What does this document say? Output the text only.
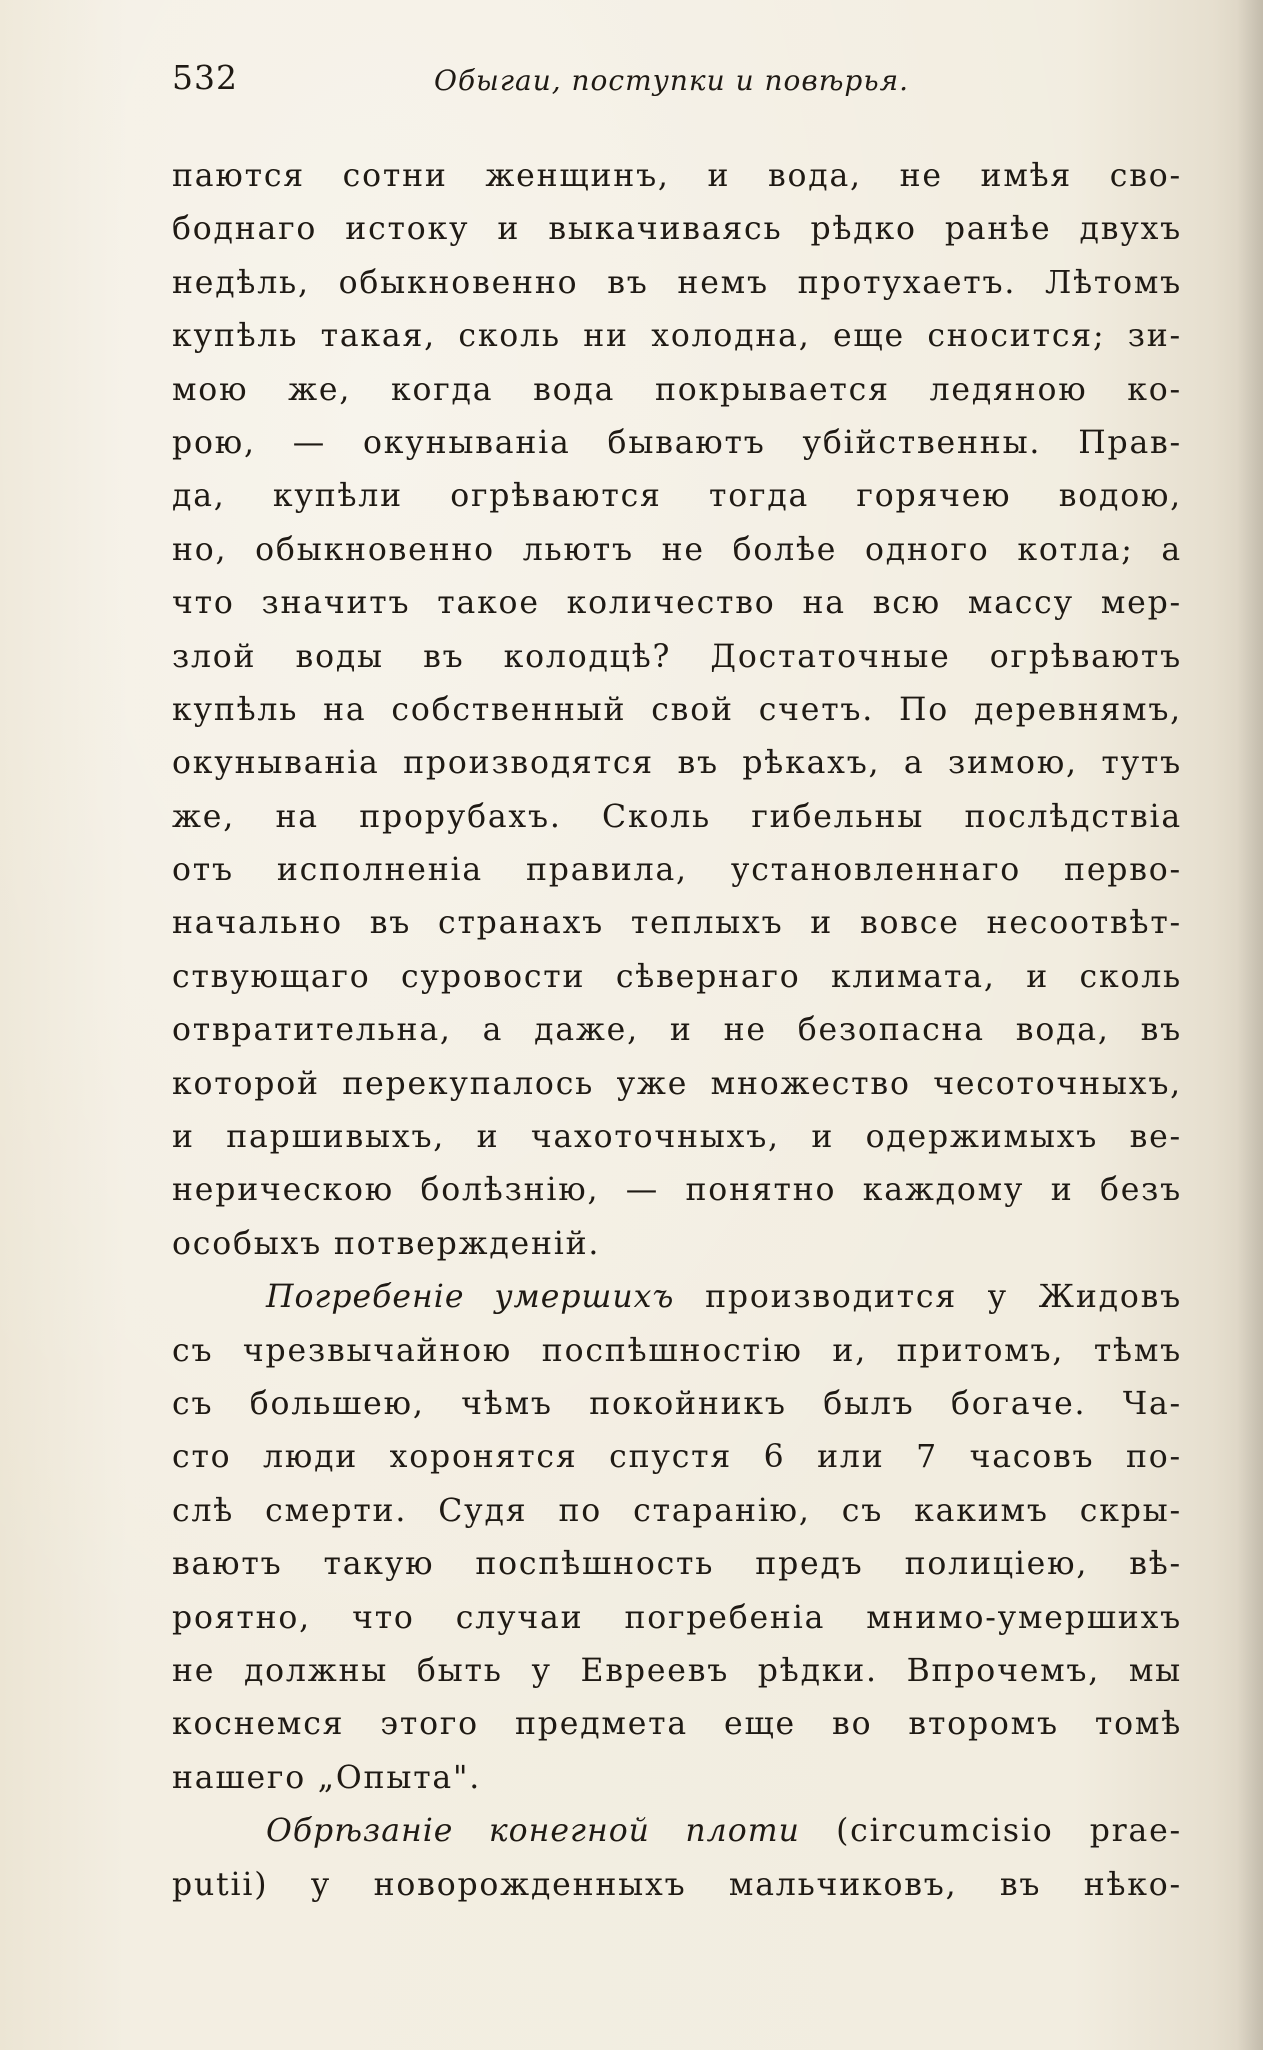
532	Обыгаи, поступки и повѣрья.
паются сотни женщинъ, и вода, не имѣя сво-
боднаго истоку и выкачиваясь рѣдко ранѣе двухъ
недѣль, обыкновенно въ немъ протухаетъ. Лѣтомъ
купѣль такая, сколь ни холодна, еще сносится; зи-
мою же, когда вода покрывается ледяною ко-
рою, — окунываніа бываютъ убійственны. Прав-
да, купѣли огрѣваются тогда горячею водою,
но, обыкновенно льютъ не болѣе одного котла; а
что значитъ такое количество на всю массу мер-
злой воды въ колодцѣ? Достаточные огрѣваютъ
купѣль на собственный свой счетъ. По деревнямъ,
окунываніа производятся въ рѣкахъ, а зимою, тутъ
же, на прорубахъ. Сколь гибельны послѣдствіа
отъ исполненіа правила, установленнаго перво-
начально въ странахъ теплыхъ и вовсе несоотвѣт-
ствующаго суровости сѣвернаго климата, и сколь
отвратительна, а даже, и не безопасна вода, въ
которой перекупалось уже множество чесоточныхъ,
и паршивыхъ, и чахоточныхъ, и одержимыхъ ве-
нерическою болѣзнію, — понятно каждому и безъ
особыхъ потвержденій.
Погребеніе умершихъ производится у Жидовъ
съ чрезвычайною поспѣшностію и, притомъ, тѣмъ
съ большею, чѣмъ покойникъ былъ богаче. Ча-
сто люди хоронятся спустя 6 или 7 часовъ по-
слѣ смерти. Судя по старанію, съ какимъ скры-
ваютъ такую поспѣшность предъ полиціею, вѣ-
роятно, что случаи погребеніа мнимо-умершихъ
не должны быть у Евреевъ рѣдки. Впрочемъ, мы
коснемся этого предмета еще во второмъ томѣ
нашего „Опыта".
Обрѣзаніе конегной плоти (circumcisio prae-
putii) у новорожденныхъ мальчиковъ, въ нѣко-
